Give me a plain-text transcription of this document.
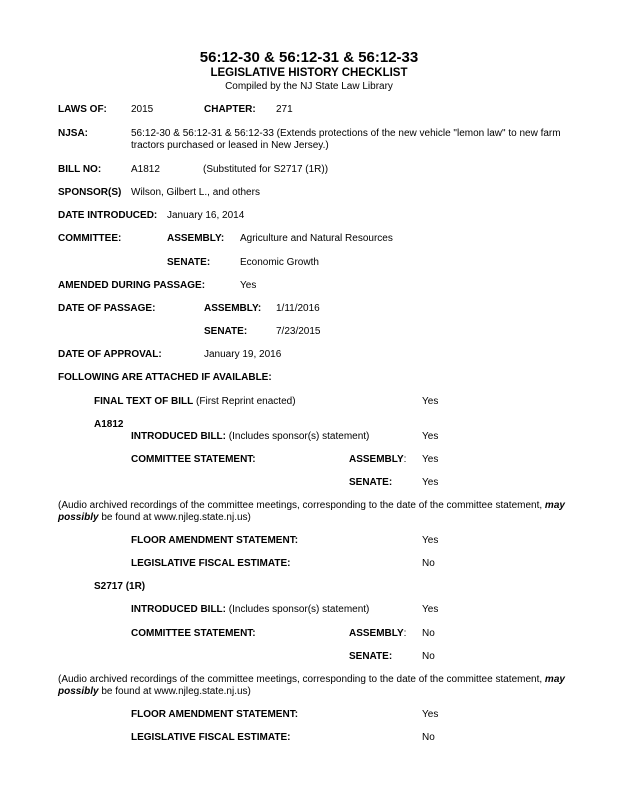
56:12-30 & 56:12-31 & 56:12-33
LEGISLATIVE HISTORY CHECKLIST
Compiled by the NJ State Law Library
LAWS OF: 2015	CHAPTER: 271
NJSA:	56:12-30 & 56:12-31 & 56:12-33 (Extends protections of the new vehicle "lemon law" to new farm tractors purchased or leased in New Jersey.)
BILL NO:	A1812	(Substituted for S2717 (1R))
SPONSOR(S) Wilson, Gilbert L., and others
DATE INTRODUCED: January 16, 2014
COMMITTEE:	ASSEMBLY: Agriculture and Natural Resources
SENATE:	Economic Growth
AMENDED DURING PASSAGE:	Yes
DATE OF PASSAGE:	ASSEMBLY: 1/11/2016
SENATE:	7/23/2015
DATE OF APPROVAL:	January 19, 2016
FOLLOWING ARE ATTACHED IF AVAILABLE:
FINAL TEXT OF BILL (First Reprint enacted)	Yes
A1812
INTRODUCED BILL: (Includes sponsor(s) statement)	Yes
COMMITTEE STATEMENT:	ASSEMBLY: Yes
SENATE:	Yes
(Audio archived recordings of the committee meetings, corresponding to the date of the committee statement, may possibly be found at www.njleg.state.nj.us)
FLOOR AMENDMENT STATEMENT:	Yes
LEGISLATIVE FISCAL ESTIMATE:	No
S2717 (1R)
INTRODUCED BILL: (Includes sponsor(s) statement)	Yes
COMMITTEE STATEMENT:	ASSEMBLY: No
SENATE:	No
(Audio archived recordings of the committee meetings, corresponding to the date of the committee statement, may possibly be found at www.njleg.state.nj.us)
FLOOR AMENDMENT STATEMENT:	Yes
LEGISLATIVE FISCAL ESTIMATE:	No
